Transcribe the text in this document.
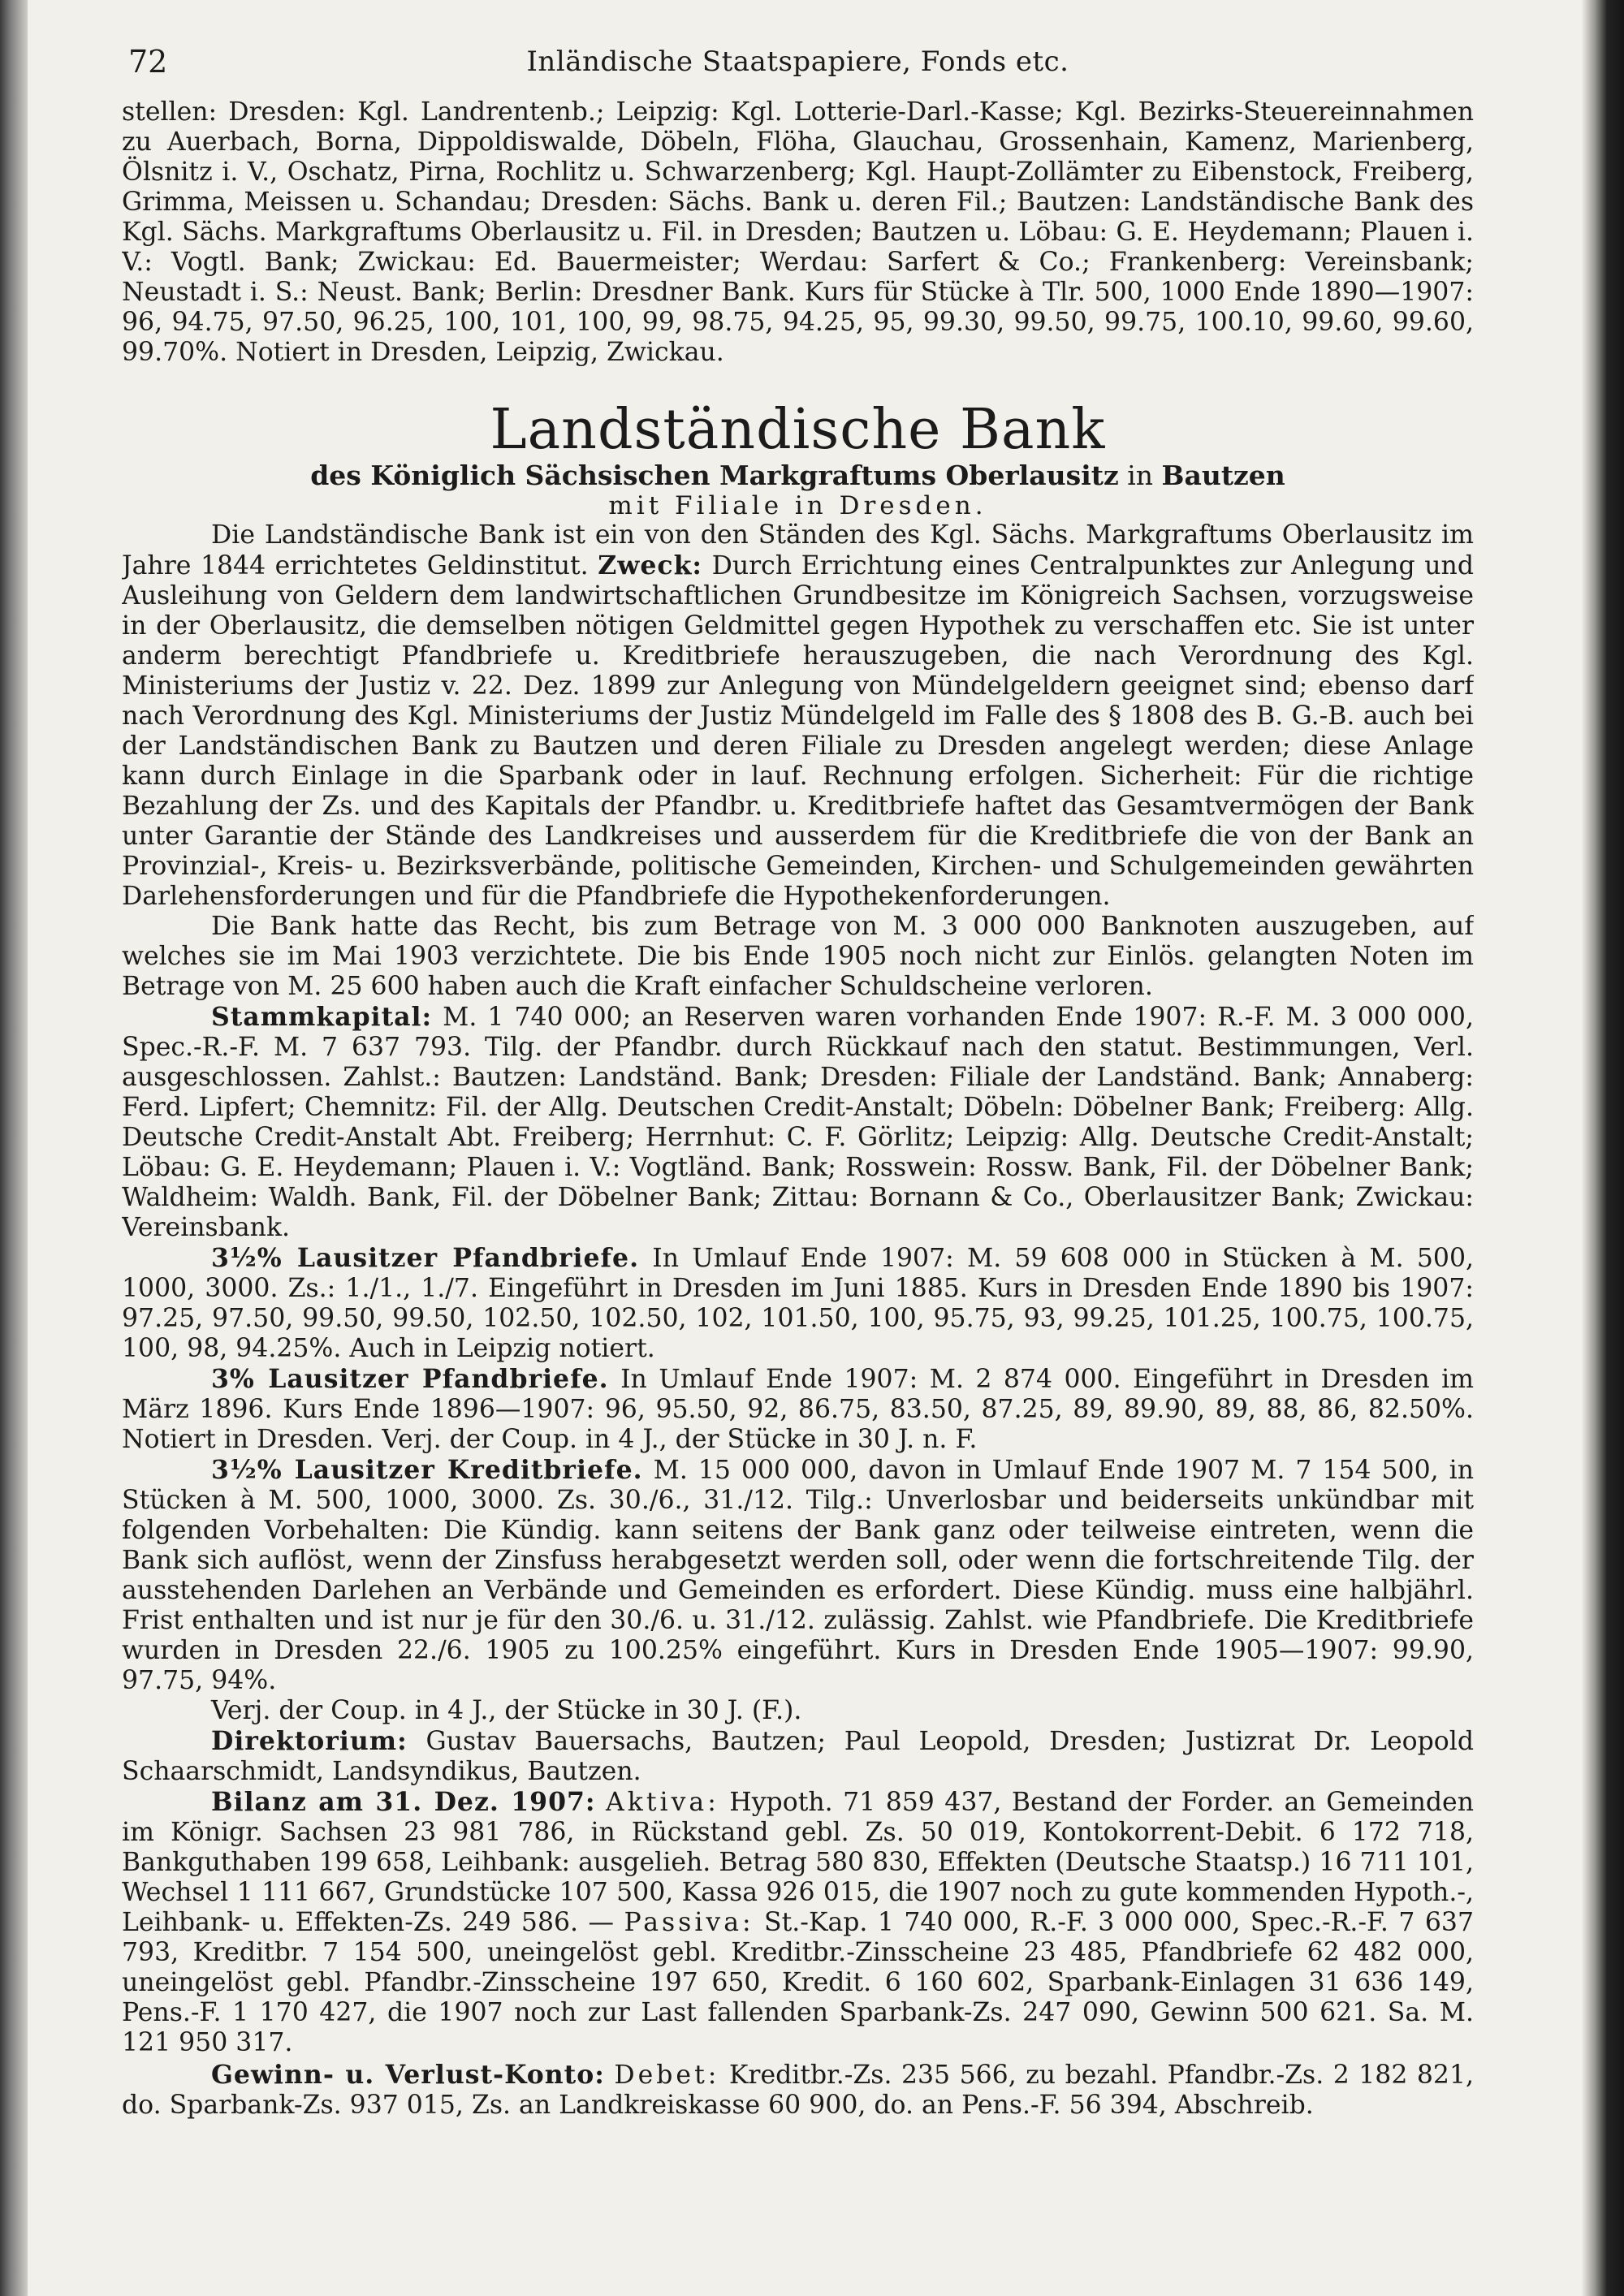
72	Inländische Staatspapiere, Fonds etc.

stellen: Dresden: Kgl. Landrentenb.; Leipzig: Kgl. Lotterie-Darl.-Kasse; Kgl. Bezirks-Steuereinnahmen zu Auerbach, Borna, Dippoldiswalde, Döbeln, Flöha, Glauchau, Grossenhain, Kamenz, Marienberg, Ölsnitz i. V., Oschatz, Pirna, Rochlitz u. Schwarzenberg; Kgl. Haupt-Zollämter zu Eibenstock, Freiberg, Grimma, Meissen u. Schandau; Dresden: Sächs. Bank u. deren Fil.; Bautzen: Landständische Bank des Kgl. Sächs. Markgraftums Oberlausitz u. Fil. in Dresden; Bautzen u. Löbau: G. E. Heydemann; Plauen i. V.: Vogtl. Bank; Zwickau: Ed. Bauermeister; Werdau: Sarfert & Co.; Frankenberg: Vereinsbank; Neustadt i. S.: Neust. Bank; Berlin: Dresdner Bank. Kurs für Stücke à Tlr. 500, 1000 Ende 1890—1907: 96, 94.75, 97.50, 96.25, 100, 101, 100, 99, 98.75, 94.25, 95, 99.30, 99.50, 99.75, 100.10, 99.60, 99.60, 99.70%. Notiert in Dresden, Leipzig, Zwickau.

Landständische Bank
des Königlich Sächsischen Markgraftums Oberlausitz in Bautzen
mit Filiale in Dresden.

Die Landständische Bank ist ein von den Ständen des Kgl. Sächs. Markgraftums Oberlausitz im Jahre 1844 errichtetes Geldinstitut. Zweck: Durch Errichtung eines Centralpunktes zur Anlegung und Ausleihung von Geldern dem landwirtschaftlichen Grundbesitze im Königreich Sachsen, vorzugsweise in der Oberlausitz, die demselben nötigen Geldmittel gegen Hypothek zu verschaffen etc. Sie ist unter anderm berechtigt Pfandbriefe u. Kreditbriefe herauszugeben, die nach Verordnung des Kgl. Ministeriums der Justiz v. 22. Dez. 1899 zur Anlegung von Mündelgeldern geeignet sind; ebenso darf nach Verordnung des Kgl. Ministeriums der Justiz Mündelgeld im Falle des § 1808 des B. G.-B. auch bei der Landständischen Bank zu Bautzen und deren Filiale zu Dresden angelegt werden; diese Anlage kann durch Einlage in die Sparbank oder in lauf. Rechnung erfolgen. Sicherheit: Für die richtige Bezahlung der Zs. und des Kapitals der Pfandbr. u. Kreditbriefe haftet das Gesamtvermögen der Bank unter Garantie der Stände des Landkreises und ausserdem für die Kreditbriefe die von der Bank an Provinzial-, Kreis- u. Bezirksverbände, politische Gemeinden, Kirchen- und Schulgemeinden gewährten Darlehensforderungen und für die Pfandbriefe die Hypothekenforderungen.

Die Bank hatte das Recht, bis zum Betrage von M. 3 000 000 Banknoten auszugeben, auf welches sie im Mai 1903 verzichtete. Die bis Ende 1905 noch nicht zur Einlös. gelangten Noten im Betrage von M. 25 600 haben auch die Kraft einfacher Schuldscheine verloren.

Stammkapital: M. 1 740 000; an Reserven waren vorhanden Ende 1907: R.-F. M. 3 000 000, Spec.-R.-F. M. 7 637 793. Tilg. der Pfandbr. durch Rückkauf nach den statut. Bestimmungen, Verl. ausgeschlossen. Zahlst.: Bautzen: Landständ. Bank; Dresden: Filiale der Landständ. Bank; Annaberg: Ferd. Lipfert; Chemnitz: Fil. der Allg. Deutschen Credit-Anstalt; Döbeln: Döbelner Bank; Freiberg: Allg. Deutsche Credit-Anstalt Abt. Freiberg; Herrnhut: C. F. Görlitz; Leipzig: Allg. Deutsche Credit-Anstalt; Löbau: G. E. Heydemann; Plauen i. V.: Vogtländ. Bank; Rosswein: Rossw. Bank, Fil. der Döbelner Bank; Waldheim: Waldh. Bank, Fil. der Döbelner Bank; Zittau: Bornann & Co., Oberlausitzer Bank; Zwickau: Vereinsbank.

3½% Lausitzer Pfandbriefe. In Umlauf Ende 1907: M. 59 608 000 in Stücken à M. 500, 1000, 3000. Zs.: 1./1., 1./7. Eingeführt in Dresden im Juni 1885. Kurs in Dresden Ende 1890 bis 1907: 97.25, 97.50, 99.50, 99.50, 102.50, 102.50, 102, 101.50, 100, 95.75, 93, 99.25, 101.25, 100.75, 100.75, 100, 98, 94.25%. Auch in Leipzig notiert.

3% Lausitzer Pfandbriefe. In Umlauf Ende 1907: M. 2 874 000. Eingeführt in Dresden im März 1896. Kurs Ende 1896—1907: 96, 95.50, 92, 86.75, 83.50, 87.25, 89, 89.90, 89, 88, 86, 82.50%. Notiert in Dresden. Verj. der Coup. in 4 J., der Stücke in 30 J. n. F.

3½% Lausitzer Kreditbriefe. M. 15 000 000, davon in Umlauf Ende 1907 M. 7 154 500, in Stücken à M. 500, 1000, 3000. Zs. 30./6., 31./12. Tilg.: Unverlosbar und beiderseits unkündbar mit folgenden Vorbehalten: Die Kündig. kann seitens der Bank ganz oder teilweise eintreten, wenn die Bank sich auflöst, wenn der Zinsfuss herabgesetzt werden soll, oder wenn die fortschreitende Tilg. der ausstehenden Darlehen an Verbände und Gemeinden es erfordert. Diese Kündig. muss eine halbjährl. Frist enthalten und ist nur je für den 30./6. u. 31./12. zulässig. Zahlst. wie Pfandbriefe. Die Kreditbriefe wurden in Dresden 22./6. 1905 zu 100.25% eingeführt. Kurs in Dresden Ende 1905—1907: 99.90, 97.75, 94%.

Verj. der Coup. in 4 J., der Stücke in 30 J. (F.).

Direktorium: Gustav Bauersachs, Bautzen; Paul Leopold, Dresden; Justizrat Dr. Leopold Schaarschmidt, Landsyndikus, Bautzen.

Bilanz am 31. Dez. 1907: Aktiva: Hypoth. 71 859 437, Bestand der Forder. an Gemeinden im Königr. Sachsen 23 981 786, in Rückstand gebl. Zs. 50 019, Kontokorrent-Debit. 6 172 718, Bankguthaben 199 658, Leihbank: ausgelieh. Betrag 580 830, Effekten (Deutsche Staatsp.) 16 711 101, Wechsel 1 111 667, Grundstücke 107 500, Kassa 926 015, die 1907 noch zu gute kommenden Hypoth.-, Leihbank- u. Effekten-Zs. 249 586. — Passiva: St.-Kap. 1 740 000, R.-F. 3 000 000, Spec.-R.-F. 7 637 793, Kreditbr. 7 154 500, uneingelöst gebl. Kreditbr.-Zinsscheine 23 485, Pfandbriefe 62 482 000, uneingelöst gebl. Pfandbr.-Zinsscheine 197 650, Kredit. 6 160 602, Sparbank-Einlagen 31 636 149, Pens.-F. 1 170 427, die 1907 noch zur Last fallenden Sparbank-Zs. 247 090, Gewinn 500 621. Sa. M. 121 950 317.

Gewinn- u. Verlust-Konto: Debet: Kreditbr.-Zs. 235 566, zu bezahl. Pfandbr.-Zs. 2 182 821, do. Sparbank-Zs. 937 015, Zs. an Landkreiskasse 60 900, do. an Pens.-F. 56 394, Abschreib.
